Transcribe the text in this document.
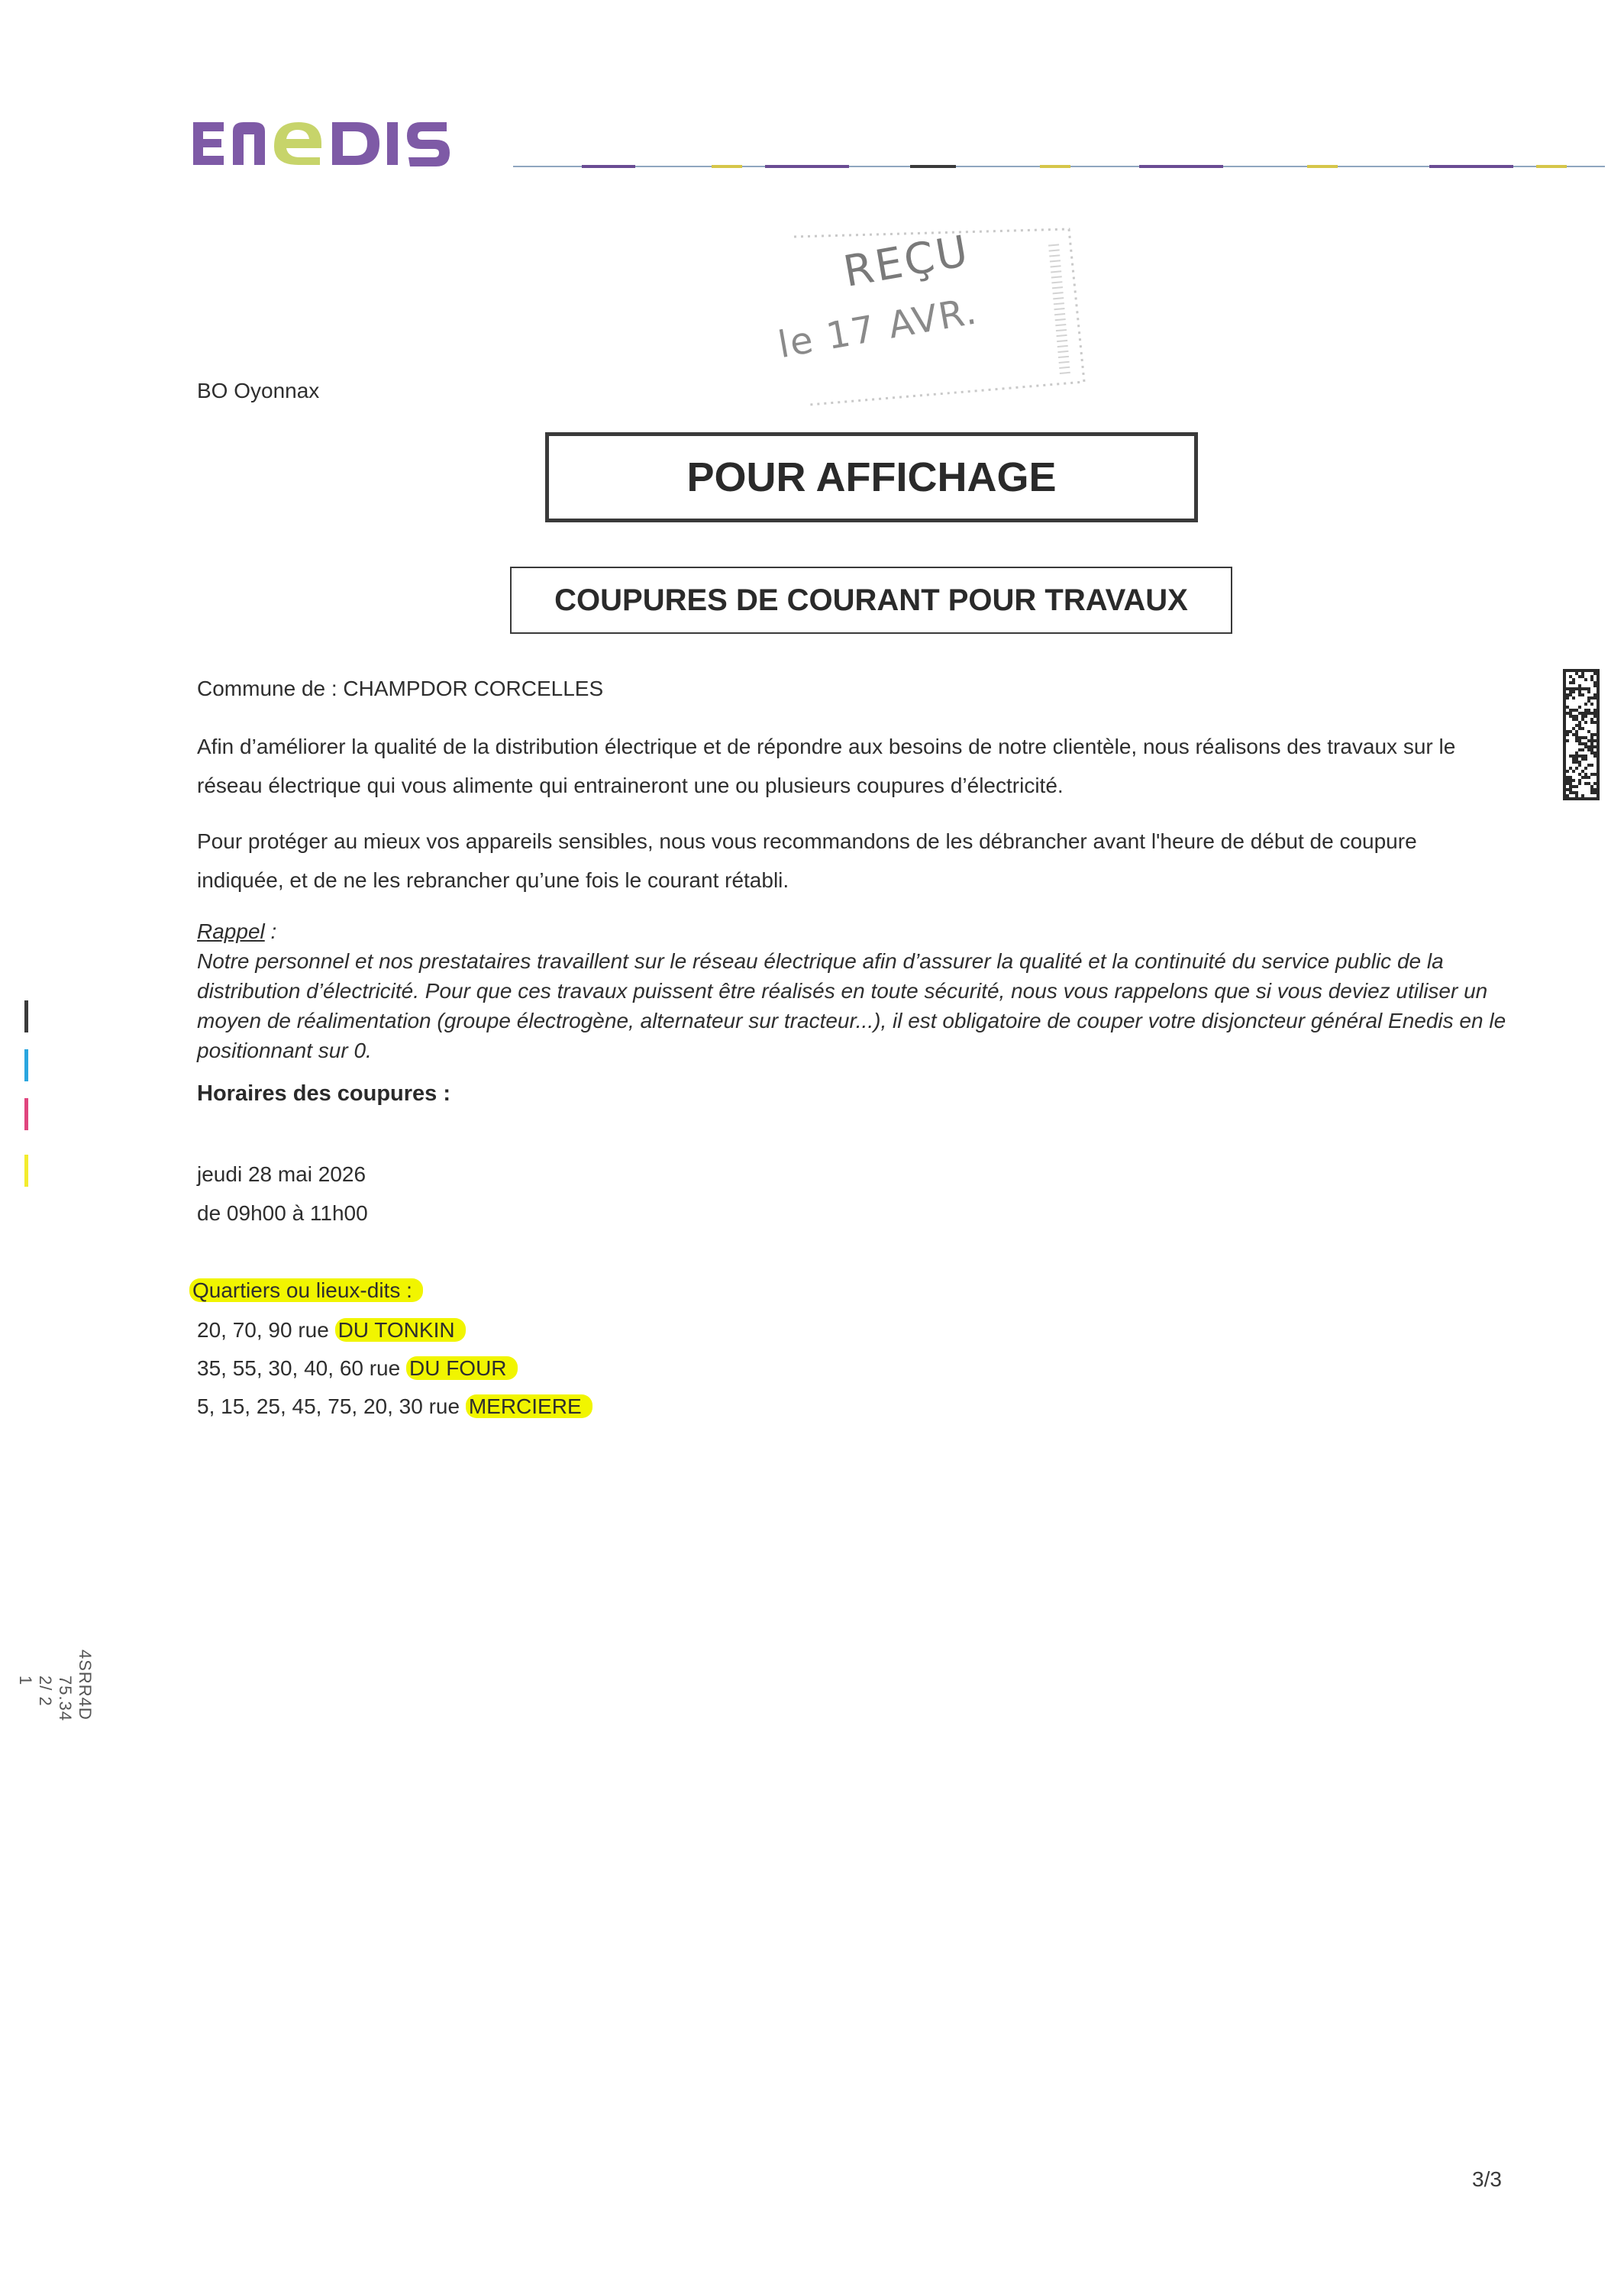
REÇU
le 17 AVR.
BO Oyonnax
POUR AFFICHAGE
COUPURES DE COURANT POUR TRAVAUX
Commune de : CHAMPDOR CORCELLES
Afin d’améliorer la qualité de la distribution électrique et de répondre aux besoins de notre clientèle, nous réalisons des travaux sur le réseau électrique qui vous alimente qui entraineront une ou plusieurs coupures d’électricité.
Pour protéger au mieux vos appareils sensibles, nous vous recommandons de les débrancher avant l'heure de début de coupure indiquée, et de ne les rebrancher qu’une fois le courant rétabli.
Rappel :
Notre personnel et nos prestataires travaillent sur le réseau électrique afin d’assurer la qualité et la continuité du service public de la distribution d’électricité. Pour que ces travaux puissent être réalisés en toute sécurité, nous vous rappelons que si vous deviez utiliser un moyen de réalimentation (groupe électrogène, alternateur sur tracteur...), il est obligatoire de couper votre disjoncteur général Enedis en le positionnant sur 0.
Horaires des coupures :
jeudi 28 mai 2026
de 09h00 à 11h00
Quartiers ou lieux-dits :
20, 70, 90 rue DU TONKIN
35, 55, 30, 40, 60 rue DU FOUR
5, 15, 25, 45, 75, 20, 30 rue MERCIERE
4SRR4D
75.34
2/ 2
1
3/3
